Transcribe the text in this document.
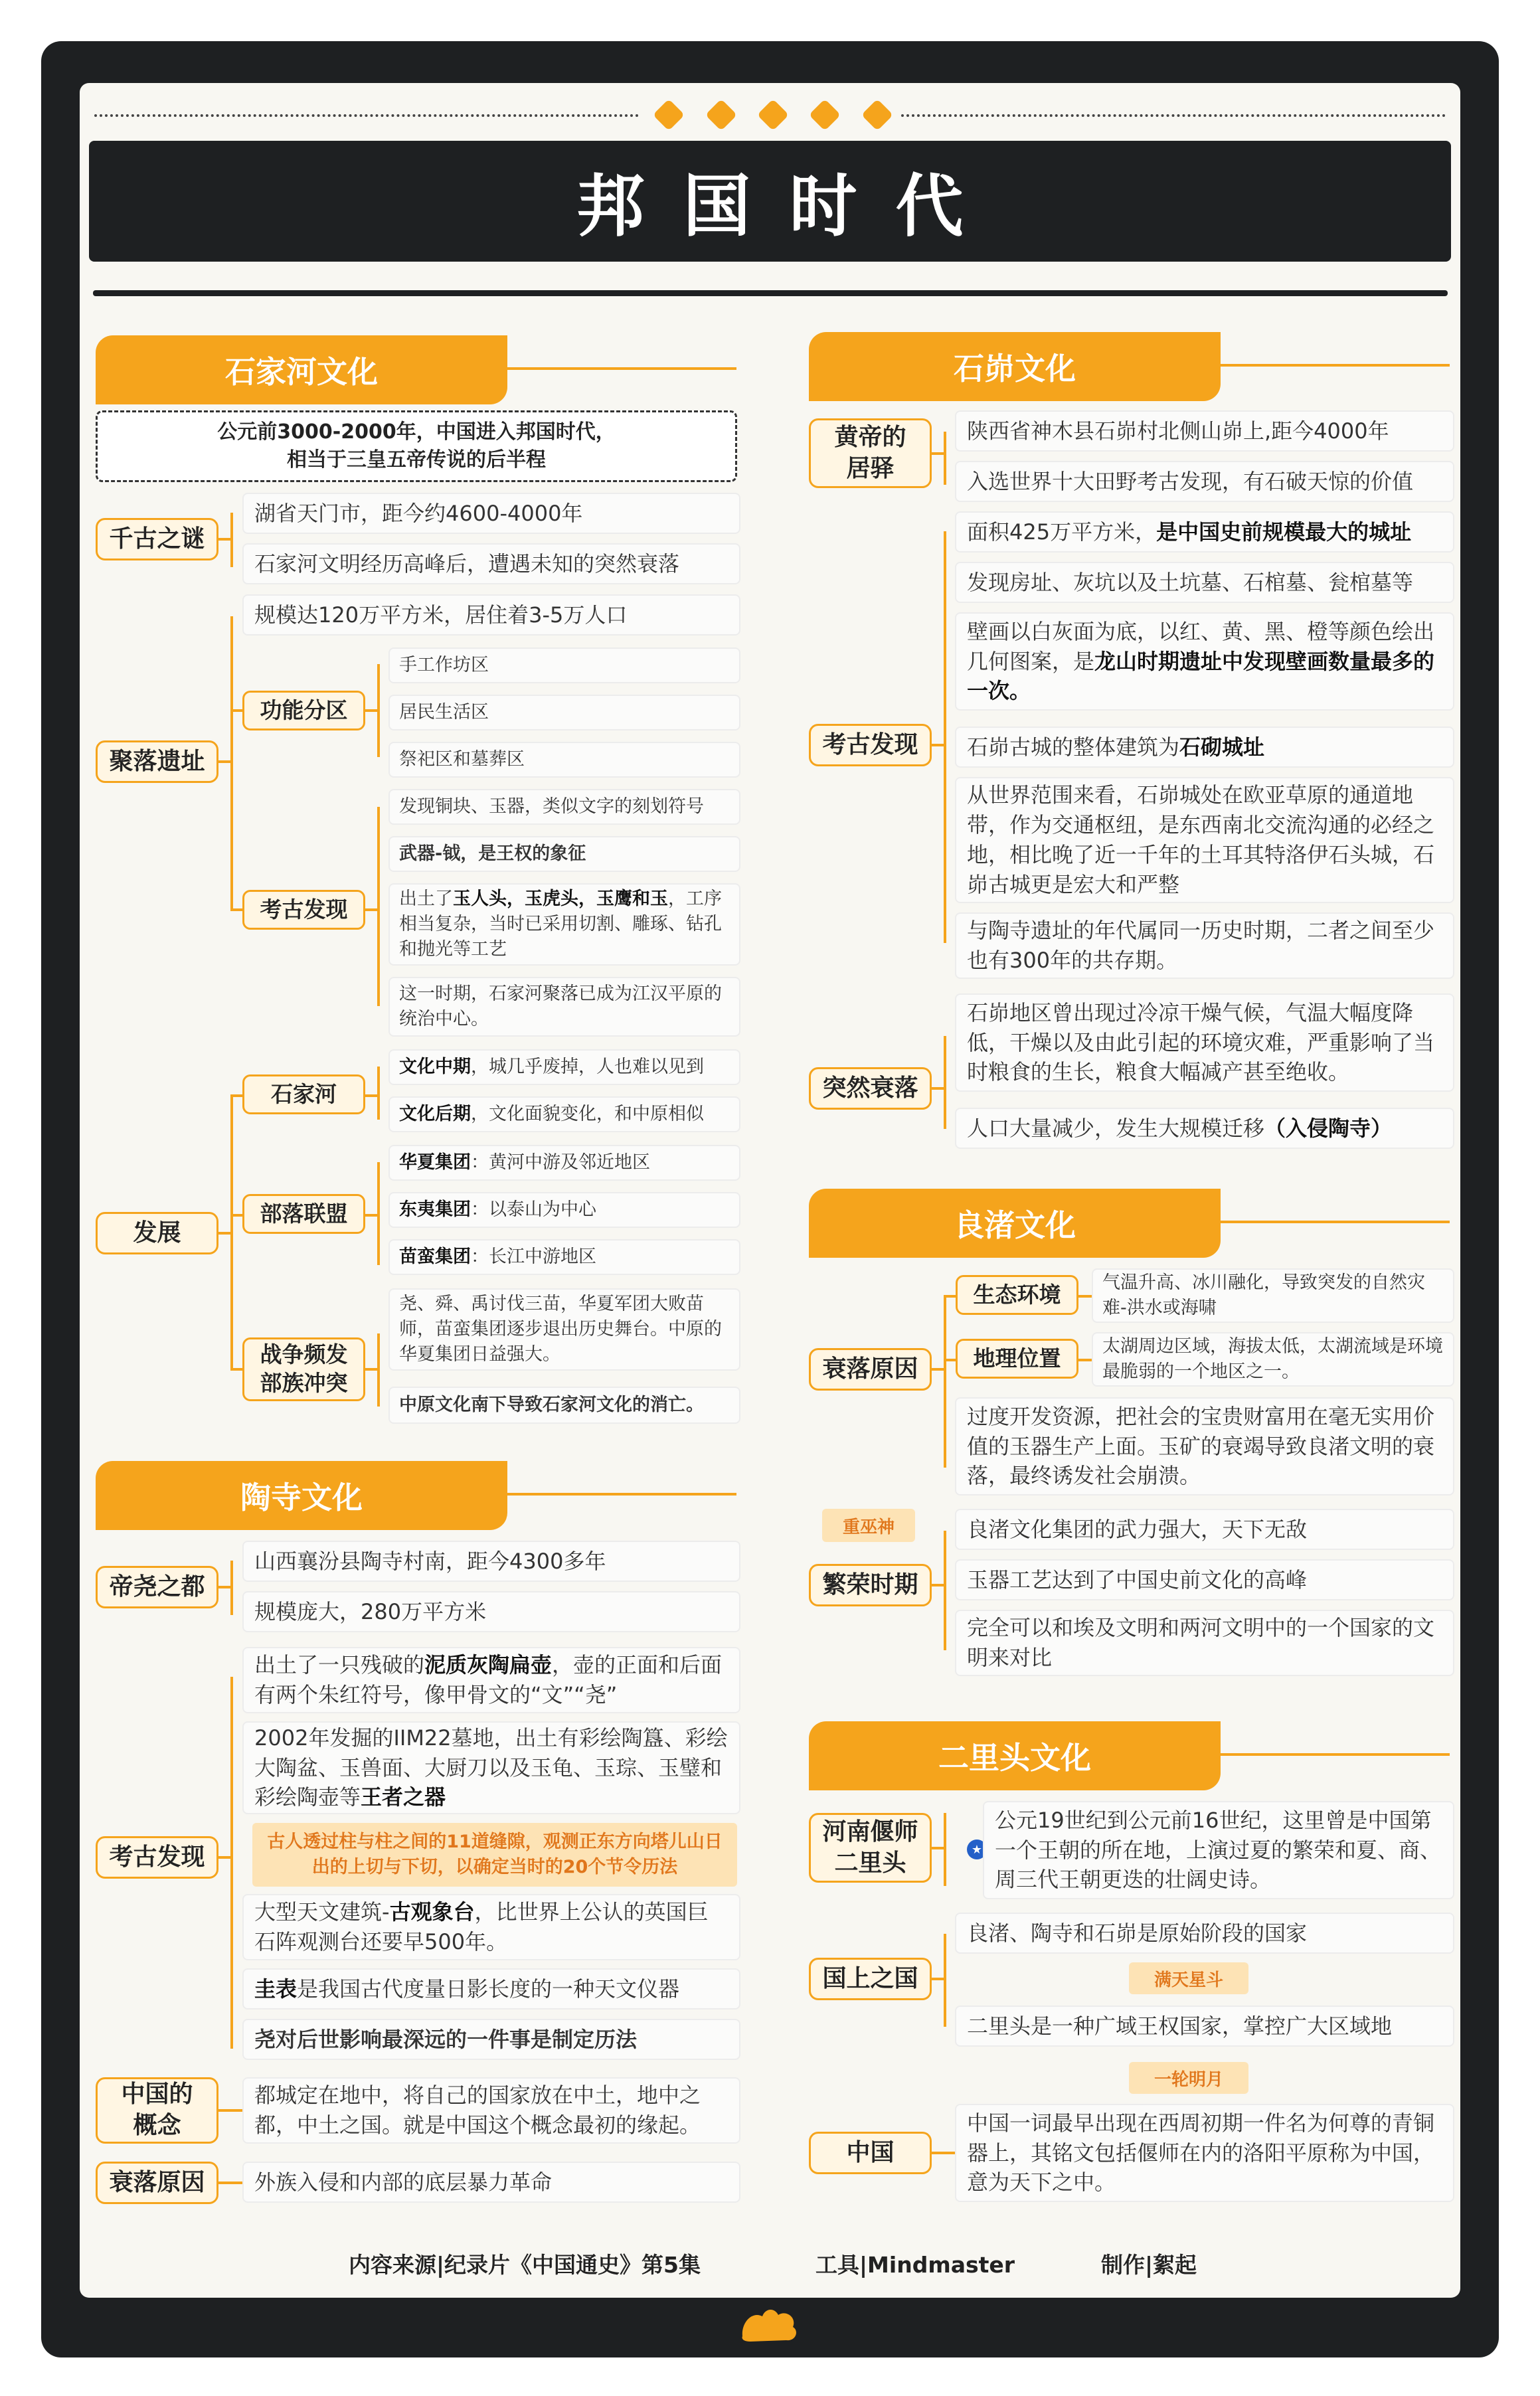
邦国时代
石家河文化
公元前3000-2000年，中国进入邦国时代，
相当于三皇五帝传说的后半程
千古之谜
湖省天门市，距今约4600-4000年
石家河文明经历高峰后，遭遇未知的突然衰落
聚落遗址
规模达120万平方米，居住着3-5万人口
功能分区
手工作坊区
居民生活区
祭祀区和墓葬区
考古发现
发现铜块、玉器，类似文字的刻划符号
武器-钺，是王权的象征
出土了玉人头，玉虎头，玉鹰和玉，工序相当复杂，当时已采用切割、雕琢、钻孔和抛光等工艺
这一时期，石家河聚落已成为江汉平原的统治中心。
发展
石家河
文化中期，城几乎废掉，人也难以见到
文化后期，文化面貌变化，和中原相似
部落联盟
华夏集团：黄河中游及邻近地区
东夷集团：以泰山为中心
苗蛮集团：长江中游地区
战争频发
部族冲突
尧、舜、禹讨伐三苗，华夏军团大败苗师，苗蛮集团逐步退出历史舞台。中原的华夏集团日益强大。
中原文化南下导致石家河文化的消亡。
陶寺文化
帝尧之都
山西襄汾县陶寺村南，距今4300多年
规模庞大，280万平方米
考古发现
出土了一只残破的泥质灰陶扁壶，壶的正面和后面有两个朱红符号，像甲骨文的“文”“尧”
2002年发掘的IIM22墓地，出土有彩绘陶簋、彩绘大陶盆、玉兽面、大厨刀以及玉龟、玉琮、玉璧和彩绘陶壶等王者之器
古人透过柱与柱之间的11道缝隙，观测正东方向塔儿山日出的上切与下切，以确定当时的20个节令历法
大型天文建筑-古观象台，比世界上公认的英国巨石阵观测台还要早500年。
圭表是我国古代度量日影长度的一种天文仪器
尧对后世影响最深远的一件事是制定历法
中国的
概念
都城定在地中，将自己的国家放在中土，地中之都，中土之国。就是中国这个概念最初的缘起。
衰落原因	外族入侵和内部的底层暴力革命
石峁文化
黄帝的
居驿
陕西省神木县石峁村北侧山峁上,距今4000年
入选世界十大田野考古发现，有石破天惊的价值
考古发现
面积425万平方米，是中国史前规模最大的城址
发现房址、灰坑以及土坑墓、石棺墓、瓮棺墓等
壁画以白灰面为底，以红、黄、黑、橙等颜色绘出几何图案，是龙山时期遗址中发现壁画数量最多的一次。
石峁古城的整体建筑为石砌城址
从世界范围来看，石峁城处在欧亚草原的通道地带，作为交通枢纽，是东西南北交流沟通的必经之地，相比晚了近一千年的土耳其特洛伊石头城，石峁古城更是宏大和严整
与陶寺遗址的年代属同一历史时期，二者之间至少也有300年的共存期。
突然衰落
石峁地区曾出现过冷凉干燥气候，气温大幅度降低，干燥以及由此引起的环境灾难，严重影响了当时粮食的生长，粮食大幅减产甚至绝收。
人口大量减少，发生大规模迁移（入侵陶寺）
良渚文化
衰落原因
生态环境	气温升高、冰川融化，导致突发的自然灾难-洪水或海啸
地理位置	太湖周边区域，海拔太低，太湖流域是环境最脆弱的一个地区之一。
过度开发资源，把社会的宝贵财富用在毫无实用价值的玉器生产上面。玉矿的衰竭导致良渚文明的衰落，最终诱发社会崩溃。
重巫神
繁荣时期
良渚文化集团的武力强大，天下无敌
玉器工艺达到了中国史前文化的高峰
完全可以和埃及文明和两河文明中的一个国家的文明来对比
二里头文化
河南偃师
二里头	★
公元19世纪到公元前16世纪，这里曾是中国第一个王朝的所在地，上演过夏的繁荣和夏、商、周三代王朝更迭的壮阔史诗。
国上之国
良渚、陶寺和石峁是原始阶段的国家
满天星斗
二里头是一种广域王权国家，掌控广大区域地
一轮明月
中国
中国一词最早出现在西周初期一件名为何尊的青铜器上，其铭文包括偃师在内的洛阳平原称为中国，意为天下之中。
内容来源|纪录片《中国通史》第5集	工具|Mindmaster	制作|絮起
